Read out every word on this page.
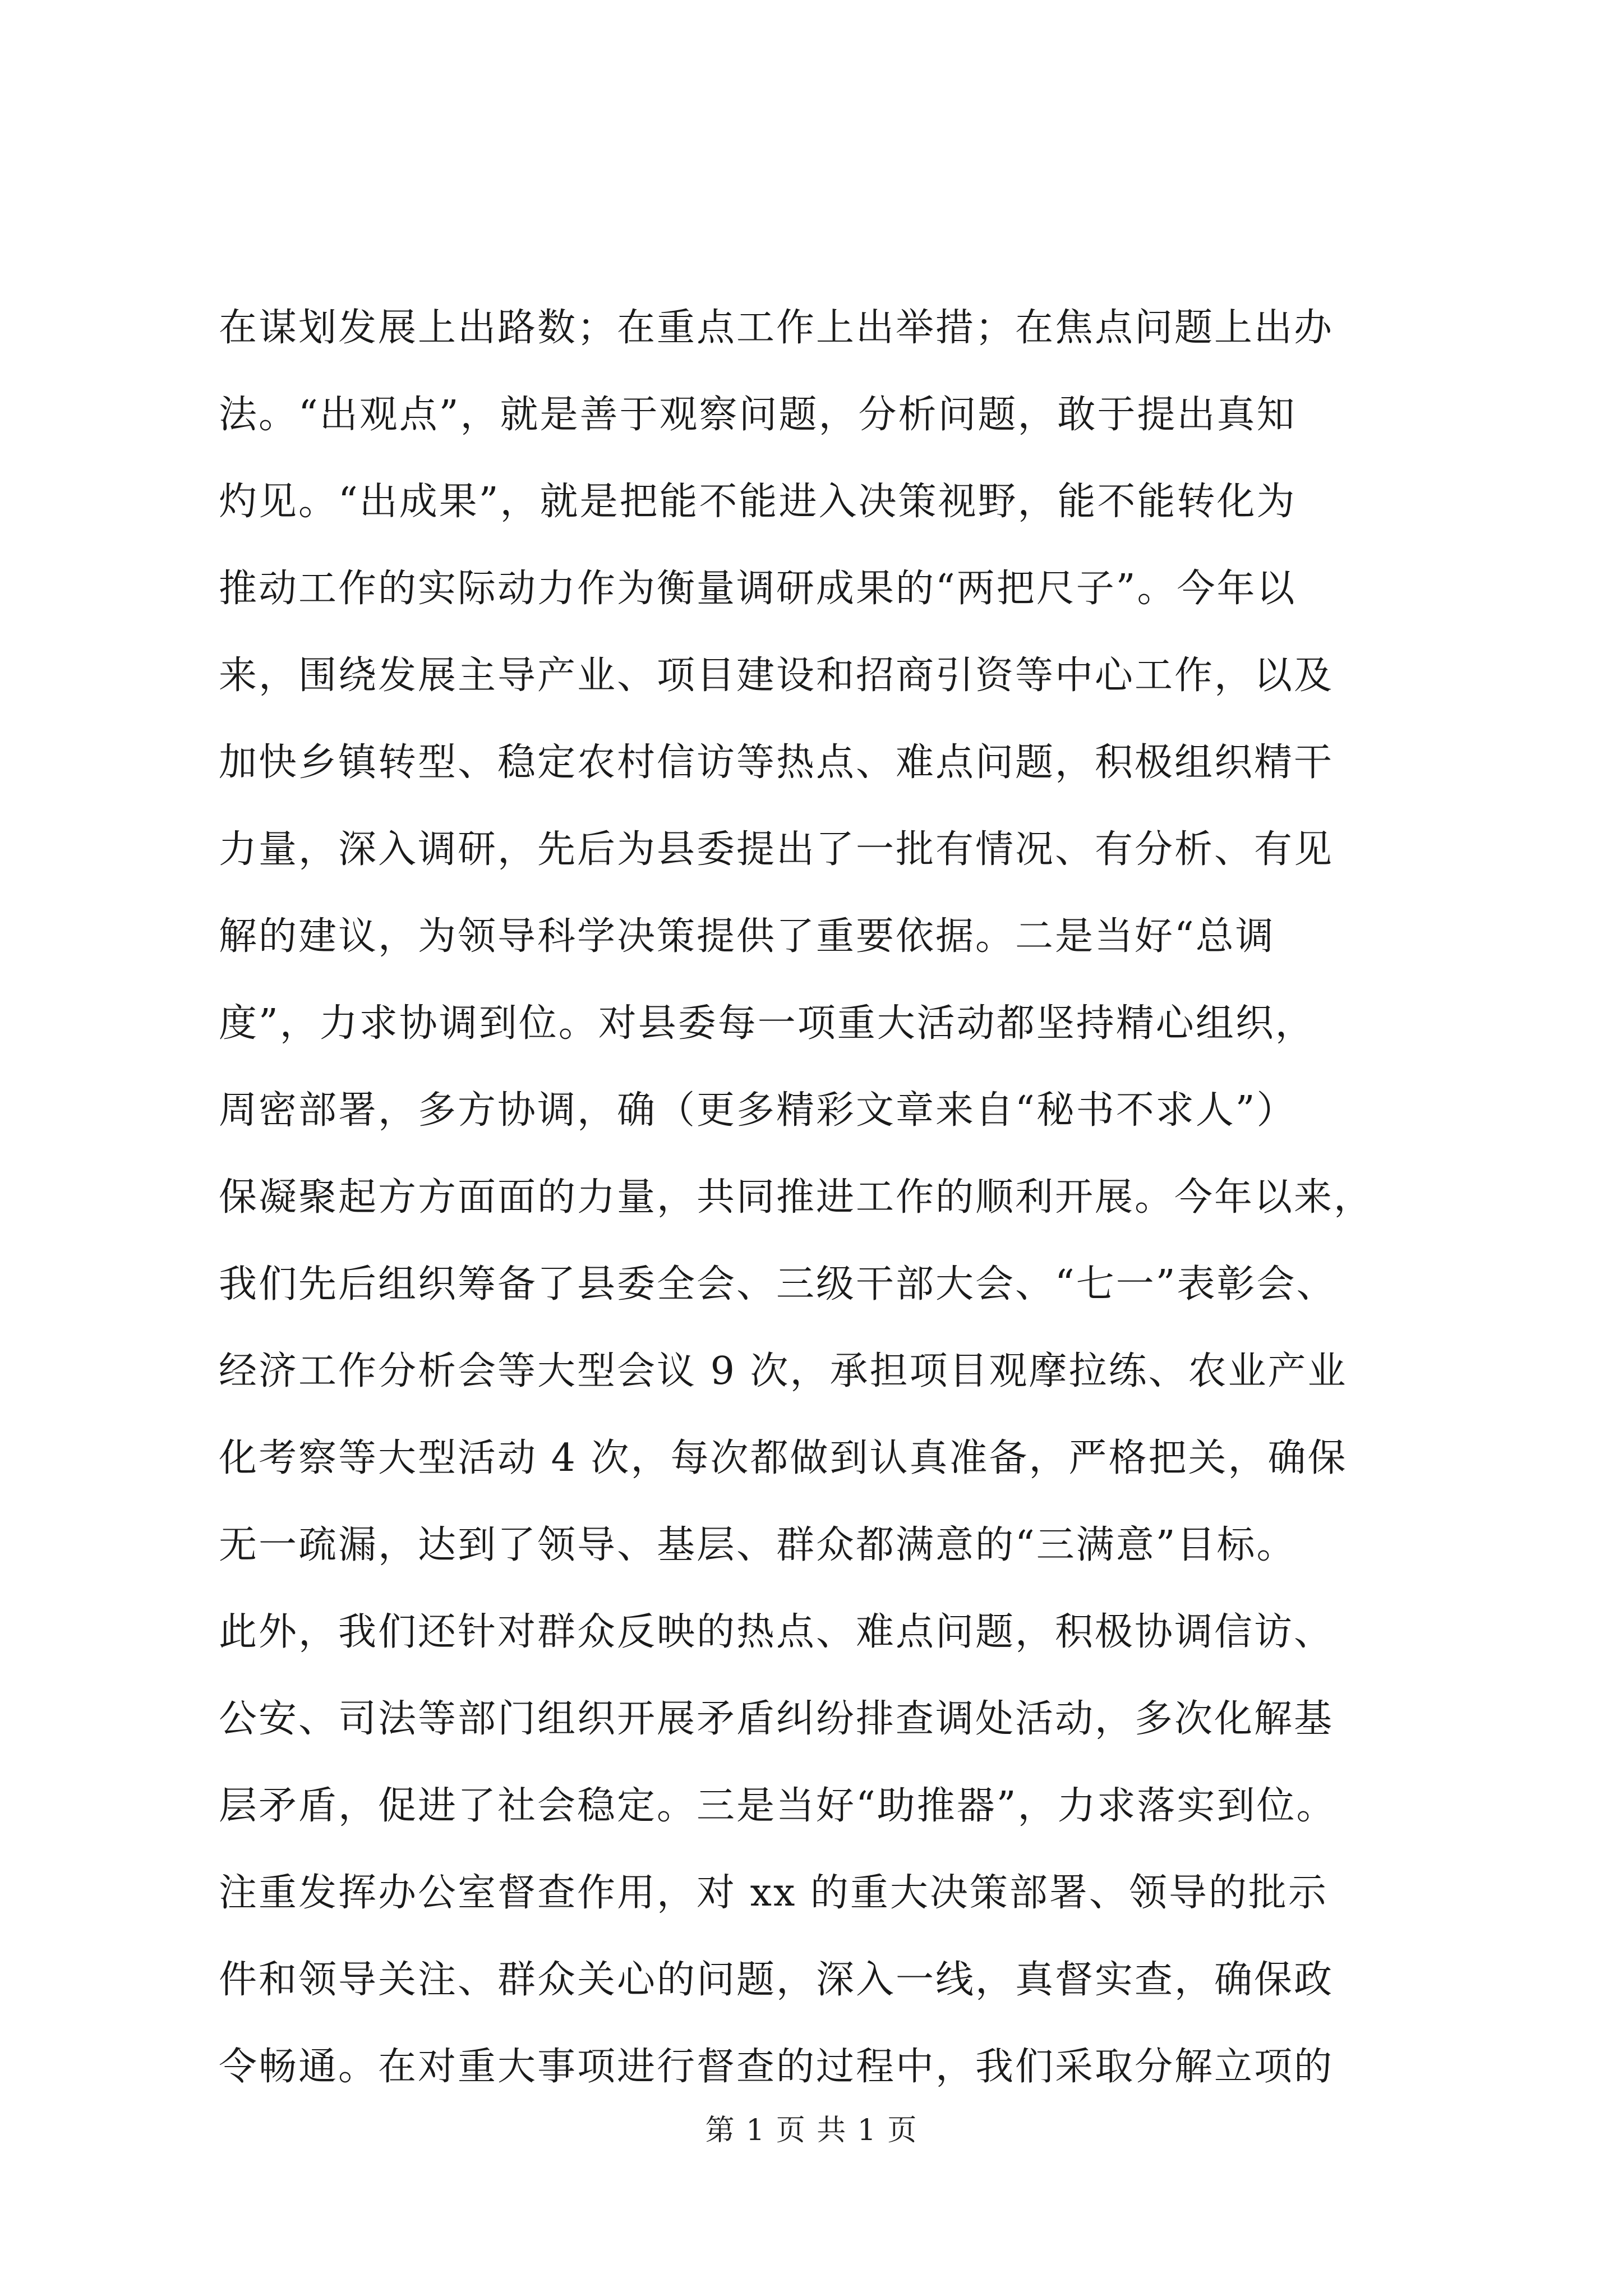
在谋划发展上出路数；在重点工作上出举措；在焦点问题上出办
法。“出观点”，就是善于观察问题，分析问题，敢于提出真知
灼见。“出成果”，就是把能不能进入决策视野，能不能转化为
推动工作的实际动力作为衡量调研成果的“两把尺子”。今年以
来，围绕发展主导产业、项目建设和招商引资等中心工作，以及
加快乡镇转型、稳定农村信访等热点、难点问题，积极组织精干
力量，深入调研，先后为县委提出了一批有情况、有分析、有见
解的建议，为领导科学决策提供了重要依据。二是当好“总调
度”，力求协调到位。对县委每一项重大活动都坚持精心组织，
周密部署，多方协调，确（更多精彩文章来自“秘书不求人”）
保凝聚起方方面面的力量，共同推进工作的顺利开展。今年以来，
我们先后组织筹备了县委全会、三级干部大会、“七一”表彰会、
经济工作分析会等大型会议 9 次，承担项目观摩拉练、农业产业
化考察等大型活动 4 次，每次都做到认真准备，严格把关，确保
无一疏漏，达到了领导、基层、群众都满意的“三满意”目标。
此外，我们还针对群众反映的热点、难点问题，积极协调信访、
公安、司法等部门组织开展矛盾纠纷排查调处活动，多次化解基
层矛盾，促进了社会稳定。三是当好“助推器”，力求落实到位。
注重发挥办公室督查作用，对 xx 的重大决策部署、领导的批示
件和领导关注、群众关心的问题，深入一线，真督实查，确保政
令畅通。在对重大事项进行督查的过程中，我们采取分解立项的
第 1 页 共 1 页
